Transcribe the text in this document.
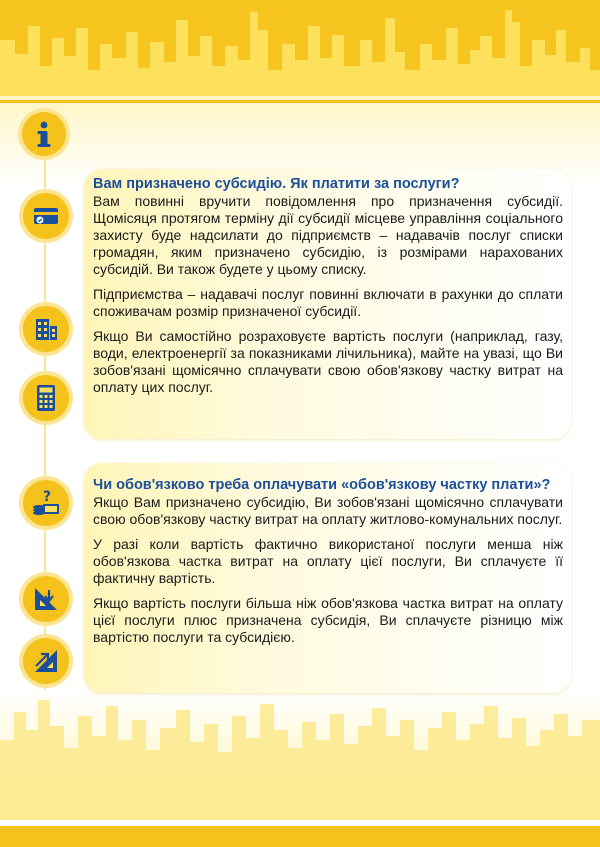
?

Вам призначено субсидію. Як платити за послуги?

Вам повинні вручити повідомлення про призначення субсидії. Щомісяця протягом терміну дії субсидії місцеве управління соціального захисту буде надсилати до підприємств – надавачів послуг списки громадян, яким призначено субсидію, із розмірами нарахованих субсидій. Ви також будете у цьому списку.

Підприємства – надавачі послуг повинні включати в рахунки до сплати споживачам розмір призначеної субсидії.

Якщо Ви самостійно розраховуєте вартість послуги (наприклад, газу, води, електроенергії за показниками лічильника), майте на увазі, що Ви зобов'язані щомісячно сплачувати свою обов'язкову частку витрат на оплату цих послуг.

Чи обов'язково треба оплачувати «обов'язкову частку плати»?

Якщо Вам призначено субсидію, Ви зобов'язані щомісячно сплачувати свою обов'язкову частку витрат на оплату житлово-комунальних послуг.

У разі коли вартість фактично використаної послуги менша ніж обов'язкова частка витрат на оплату цієї послуги, Ви сплачуєте її фактичну вартість.

Якщо вартість послуги більша ніж обов'язкова частка витрат на оплату цієї послуги плюс призначена субсидія, Ви сплачуєте різницю між вартістю послуги та субсидією.
